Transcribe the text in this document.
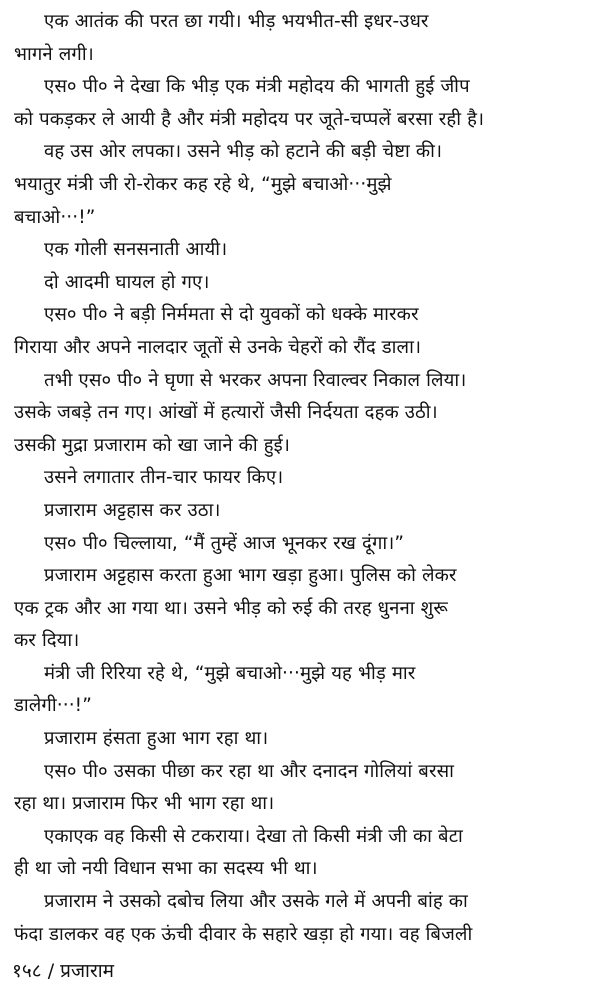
एक आतंक की परत छा गयी। भीड़ भयभीत-सी इधर-उधर
भागने लगी।
एस० पी० ने देखा कि भीड़ एक मंत्री महोदय की भागती हुई जीप
को पकड़कर ले आयी है और मंत्री महोदय पर जूते-चप्पलें बरसा रही है।
वह उस ओर लपका। उसने भीड़ को हटाने की बड़ी चेष्टा की।
भयातुर मंत्री जी रो-रोकर कह रहे थे, “मुझे बचाओ···मुझे
बचाओ···!”
एक गोली सनसनाती आयी।
दो आदमी घायल हो गए।
एस० पी० ने बड़ी निर्ममता से दो युवकों को धक्के मारकर
गिराया और अपने नालदार जूतों से उनके चेहरों को रौंद डाला।
तभी एस० पी० ने घृणा से भरकर अपना रिवाल्वर निकाल लिया।
उसके जबड़े तन गए। आंखों में हत्यारों जैसी निर्दयता दहक उठी।
उसकी मुद्रा प्रजाराम को खा जाने की हुई।
उसने लगातार तीन-चार फायर किए।
प्रजाराम अट्टहास कर उठा।
एस० पी० चिल्लाया, “मैं तुम्हें आज भूनकर रख दूंगा।”
प्रजाराम अट्टहास करता हुआ भाग खड़ा हुआ। पुलिस को लेकर
एक ट्रक और आ गया था। उसने भीड़ को रुई की तरह धुनना शुरू
कर दिया।
मंत्री जी रिरिया रहे थे, “मुझे बचाओ···मुझे यह भीड़ मार
डालेगी···!”
प्रजाराम हंसता हुआ भाग रहा था।
एस० पी० उसका पीछा कर रहा था और दनादन गोलियां बरसा
रहा था। प्रजाराम फिर भी भाग रहा था।
एकाएक वह किसी से टकराया। देखा तो किसी मंत्री जी का बेटा
ही था जो नयी विधान सभा का सदस्य भी था।
प्रजाराम ने उसको दबोच लिया और उसके गले में अपनी बांह का
फंदा डालकर वह एक ऊंची दीवार के सहारे खड़ा हो गया। वह बिजली
१५८ / प्रजाराम
